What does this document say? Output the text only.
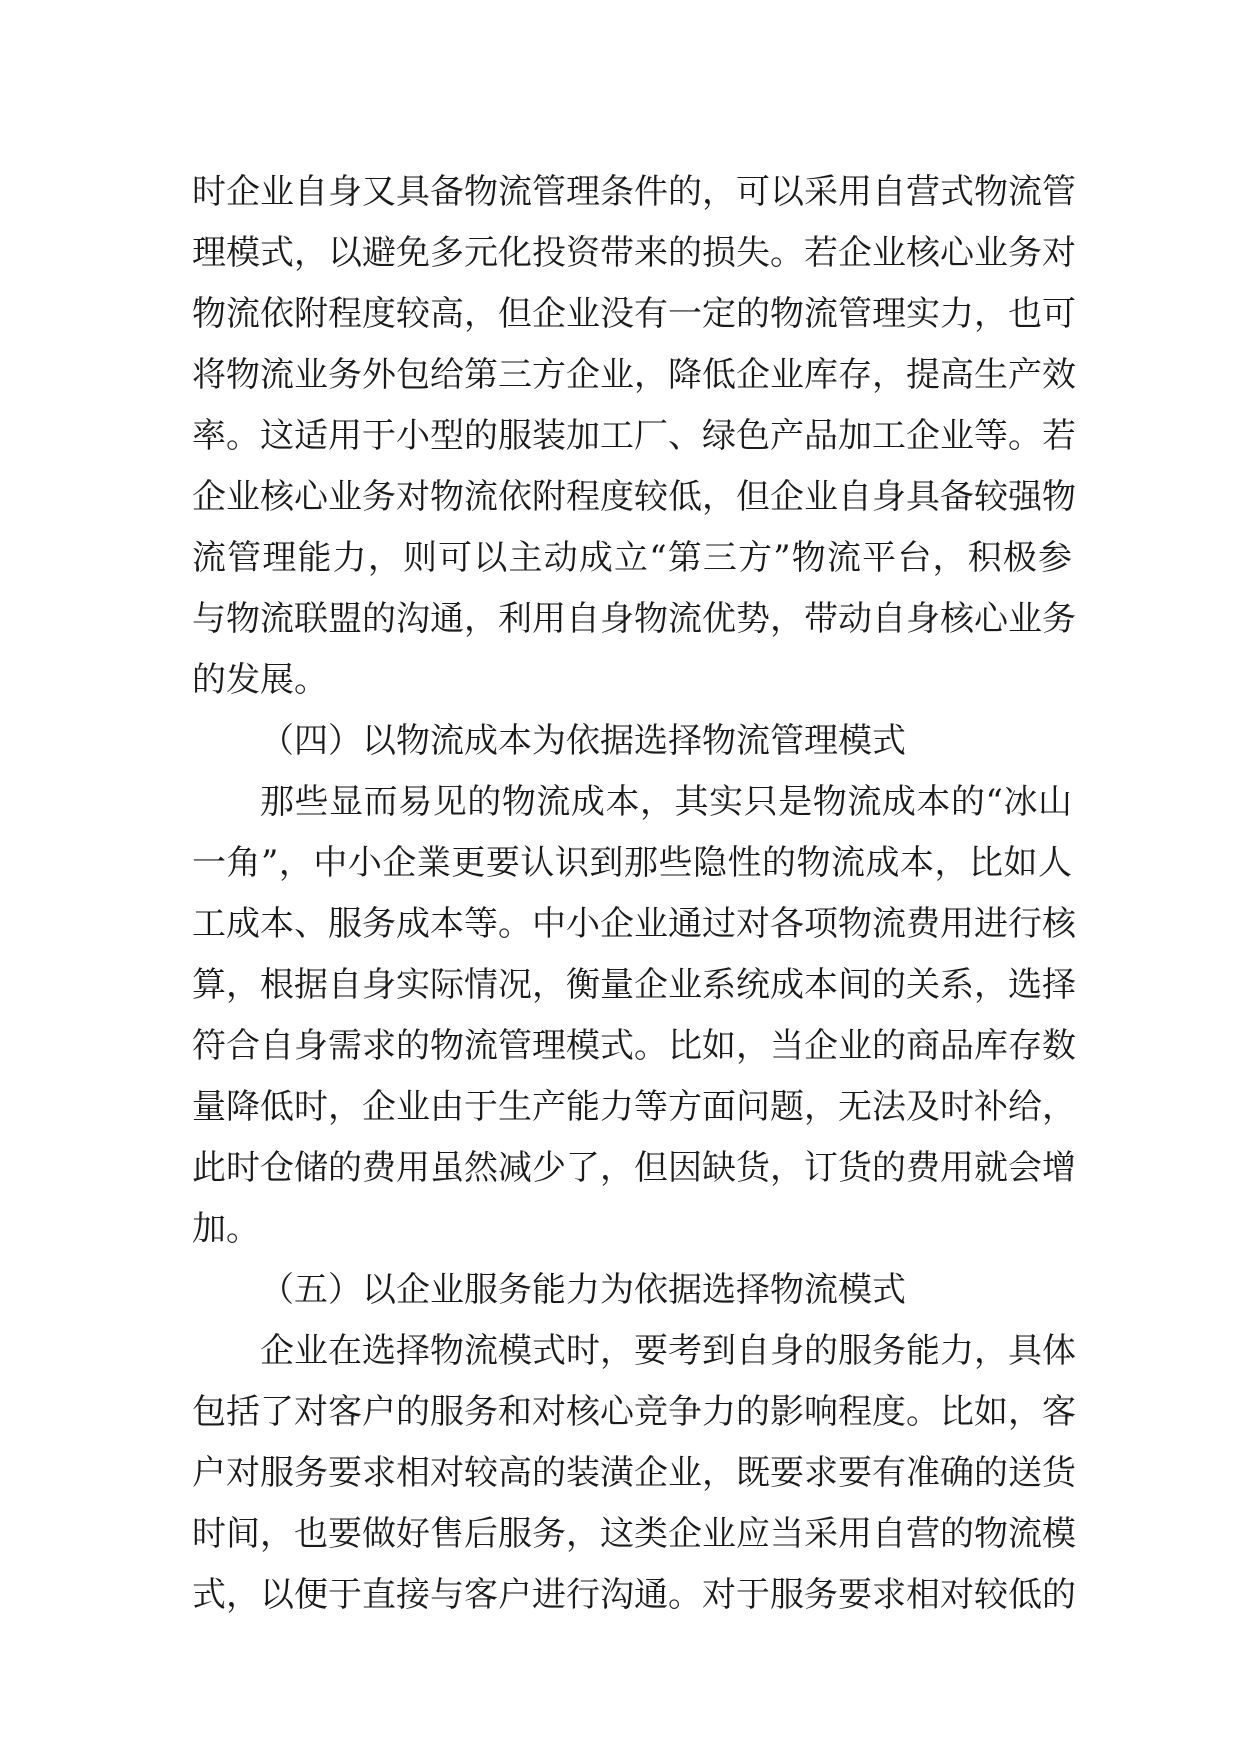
时企业自身又具备物流管理条件的，可以采用自营式物流管
理模式，以避免多元化投资带来的损失。若企业核心业务对
物流依附程度较高，但企业没有一定的物流管理实力，也可
将物流业务外包给第三方企业，降低企业库存，提高生产效
率。这适用于小型的服装加工厂、绿色产品加工企业等。若
企业核心业务对物流依附程度较低，但企业自身具备较强物
流管理能力，则可以主动成立“第三方”物流平台，积极参
与物流联盟的沟通，利用自身物流优势，带动自身核心业务
的发展。
（四）以物流成本为依据选择物流管理模式
那些显而易见的物流成本，其实只是物流成本的“冰山
一角”，中小企業更要认识到那些隐性的物流成本，比如人
工成本、服务成本等。中小企业通过对各项物流费用进行核
算，根据自身实际情况，衡量企业系统成本间的关系，选择
符合自身需求的物流管理模式。比如，当企业的商品库存数
量降低时，企业由于生产能力等方面问题，无法及时补给，
此时仓储的费用虽然减少了，但因缺货，订货的费用就会增
加。
（五）以企业服务能力为依据选择物流模式
企业在选择物流模式时，要考到自身的服务能力，具体
包括了对客户的服务和对核心竞争力的影响程度。比如，客
户对服务要求相对较高的装潢企业，既要求要有准确的送货
时间，也要做好售后服务，这类企业应当采用自营的物流模
式，以便于直接与客户进行沟通。对于服务要求相对较低的
